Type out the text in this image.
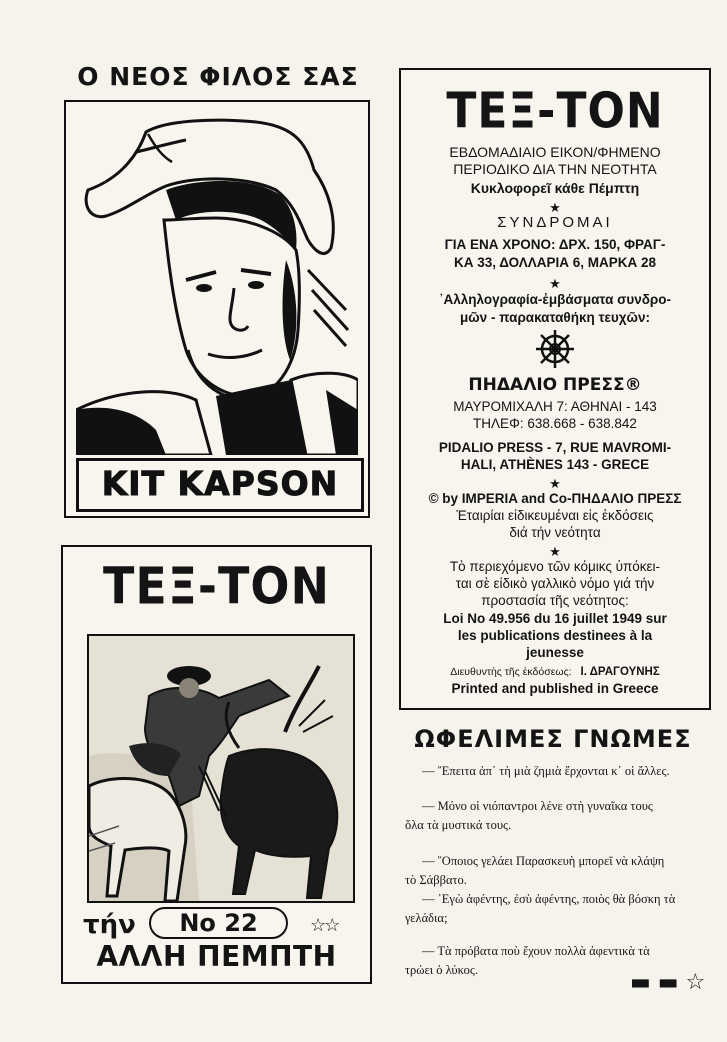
Ο ΝΕΟΣ ΦΙΛΟΣ ΣΑΣ
KIT KAPSON
ΤΕΞ-ΤΟΝ
τήν	Νο 22	☆☆
ΑΛΛΗ ΠΕΜΠΤΗ
ΤΕΞ-ΤΟΝ
ΕΒΔΟΜΑΔΙΑΙΟ ΕΙΚΟΝ/ΦΗΜΕΝΟ
ΠΕΡΙΟΔΙΚΟ ΔΙΑ ΤΗΝ ΝΕΟΤΗΤΑ
Κυκλοφορεῖ κάθε Πέμπτη
★
ΣΥΝΔΡΟΜΑΙ
ΓΙΑ ΕΝΑ ΧΡΟΝΟ: ΔΡΧ. 150, ΦΡΑΓ-
ΚΑ 33, ΔΟΛΛΑΡΙΑ 6, ΜΑΡΚΑ 28
★
᾿Αλληλογραφία-ἐμβάσματα συνδρο-
μῶν - παρακαταθήκη τευχῶν:
ΠΗΔΑΛΙΟ ΠΡΕΣΣ®
ΜΑΥΡΟΜΙΧΑΛΗ 7: ΑΘΗΝΑΙ - 143
ΤΗΛΕΦ: 638.668 - 638.842
PIDALIO PRESS - 7, RUE MAVROMI-
HALI, ATHÈNES 143 - GRECE
★
© by IMPERIA and Co-ΠΗΔΑΛΙΟ ΠΡΕΣΣ
Ἑταιρίαι εἰδικευμέναι εἰς ἐκδόσεις
διά τήν νεότητα
★
Τὸ περιεχόμενο τῶν κόμικς ὑπόκει-
ται σὲ εἰδικὸ γαλλικὸ νόμο γιά τήν
προστασία τῆς νεότητος:
Loi No 49.956 du 16 juillet 1949 sur
les publications destinees à la
jeunesse
Διευθυντὴς τῆς ἐκδόσεως: Ι. ΔΡΑΓΟΥΝΗΣ
Printed and published in Greece
ΩΦΕΛΙΜΕΣ ΓΝΩΜΕΣ
— ῎Επειτα ἀπ᾿ τὴ μιὰ ζημιὰ ἔρχονται κ᾿ οἱ ἄλλες.
— Μόνο οἱ νιόπαντροι λένε στὴ γυναῖκα τους
ὅλα τὰ μυστικά τους.
— ῞Οποιος γελάει Παρασκευὴ μπορεῖ νὰ κλάψη
τὸ Σάββατο.
— ᾿Εγὼ ἀφέντης, ἐσὺ ἀφέντης, ποιὸς θὰ βόσκη τὰ
γελάδια;
— Τὰ πρόβατα ποὺ ἔχουν πολλὰ ἀφεντικὰ τὰ
τρώει ὁ λύκος.	▬ ▬ ☆
